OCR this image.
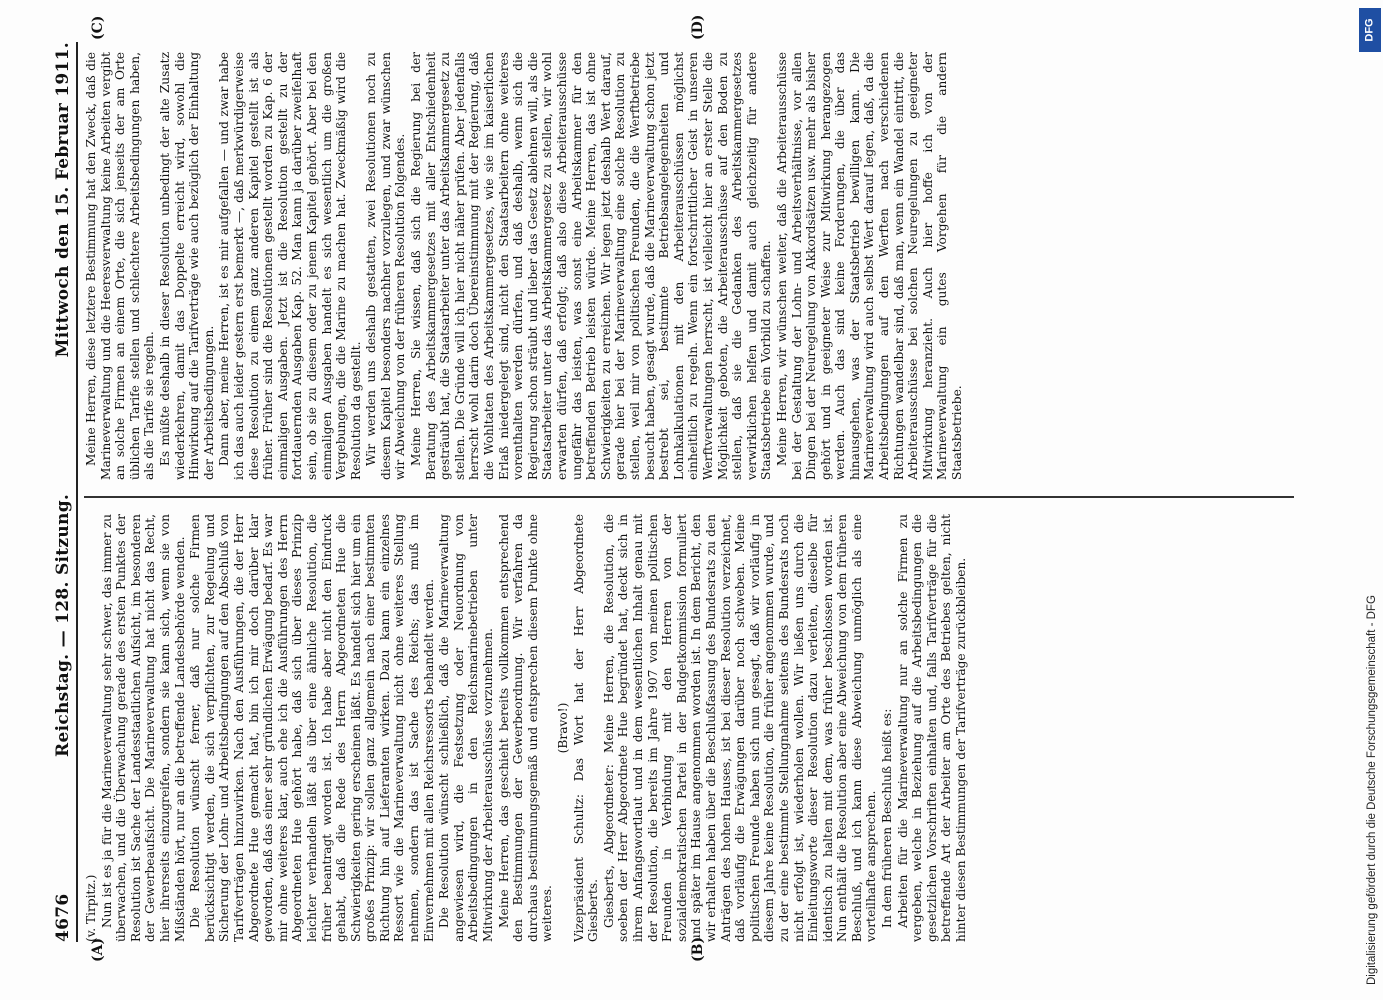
4676
Reichstag. — 128. Sitzung.
Mittwoch den 15. Februar 1911.
(A)	(B)
(C)	(D)

(v. Tirpitz.) Nun ist es ja für die Marineverwaltung sehr schwer, das immer zu überwachen, und die Überwachung gerade des ersten Punktes der Resolution ist Sache der Landesstaatlichen Aufsicht, im besonderen der Gewerbeaufsicht. Die Marineverwaltung hat nicht das Recht, hier ihrerseits einzugreifen, sondern sie kann sich, wenn sie von Mißständen hört, nur an die betreffende Landesbehörde wenden. Die Resolution wünscht ferner, daß nur solche Firmen berücksichtigt werden, die sich verpflichten, zur Regelung und Sicherung der Lohn- und Arbeitsbedingungen auf den Abschluß von Tarifverträgen hinzuwirken. Nach den Ausführungen, die der Herr Abgeordnete Hue gemacht hat, bin ich mir doch darüber klar geworden, daß das einer sehr gründlichen Erwägung bedarf. Es war mir ohne weiteres klar, auch ehe ich die Ausführungen des Herrn Abgeordneten Hue gehört habe, daß sich über dieses Prinzip leichter verhandeln läßt als über eine ähnliche Resolution, die früher beantragt worden ist. Ich habe aber nicht den Eindruck gehabt, daß die Rede des Herrn Abgeordneten Hue die Schwierigkeiten gering erscheinen läßt. Es handelt sich hier um ein großes Prinzip: wir sollen ganz allgemein nach einer bestimmten Richtung hin auf Lieferanten wirken. Dazu kann ein einzelnes Ressort wie die Marineverwaltung nicht ohne weiteres Stellung nehmen, sondern das ist Sache des Reichs; das muß im Einvernehmen mit allen Reichsressorts behandelt werden. Die Resolution wünscht schließlich, daß die Marineverwaltung angewiesen wird, die Festsetzung oder Neuordnung von Arbeitsbedingungen in den Reichsmarinebetrieben unter Mitwirkung der Arbeiterausschüsse vorzunehmen. Meine Herren, das geschieht bereits vollkommen entsprechend den Bestimmungen der Gewerbeordnung. Wir verfahren da durchaus bestimmungsgemäß und entsprechen diesem Punkte ohne weiteres.

(Bravo!) Vizepräsident Schultz: Das Wort hat der Herr Abgeordnete Giesberts. Giesberts, Abgeordneter: Meine Herren, die Resolution, die soeben der Herr Abgeordnete Hue begründet hat, deckt sich in ihrem Anfangswortlaut und in dem wesentlichen Inhalt genau mit der Resolution, die bereits im Jahre 1907 von meinen politischen Freunden in Verbindung mit den Herren von der sozialdemokratischen Partei in der Budgetkommission formuliert und später im Hause angenommen worden ist. In dem Bericht, den wir erhalten haben über die Beschlußfassung des Bundesrats zu den Anträgen des hohen Hauses, ist bei dieser Resolution verzeichnet, daß vorläufig die Erwägungen darüber noch schweben. Meine politischen Freunde haben sich nun gesagt, daß wir vorläufig in diesem Jahre keine Resolution, die früher angenommen wurde, und zu der eine bestimmte Stellungnahme seitens des Bundesrats noch nicht erfolgt ist, wiederholen wollen. Wir ließen uns durch die Einleitungsworte dieser Resolution dazu verleiten, dieselbe für identisch zu halten mit dem, was früher beschlossen worden ist. Nun enthält die Resolution aber eine Abweichung von dem früheren Beschluß, und ich kann diese Abweichung unmöglich als eine vorteilhafte ansprechen. In dem früheren Beschluß heißt es: Arbeiten für die Marineverwaltung nur an solche Firmen zu vergeben, welche in Beziehung auf die Arbeitsbedingungen die gesetzlichen Vorschriften einhalten und, falls Tarifverträge für die betreffende Art der Arbeiter am Orte des Betriebes gelten, nicht hinter diesen Bestimmungen der Tarifverträge zurückbleiben.

Meine Herren, diese letztere Bestimmung hat den Zweck, daß die Marineverwaltung und die Heeresverwaltung keine Arbeiten vergibt an solche Firmen an einem Orte, die sich jenseits der am Orte üblichen Tarife stellen und schlechtere Arbeitsbedingungen haben, als die Tarife sie regeln. Es müßte deshalb in dieser Resolution unbedingt der alte Zusatz wiederkehren, damit das Doppelte erreicht wird, sowohl die Hinwirkung auf die Tarifverträge wie auch bezüglich der Einhaltung der Arbeitsbedingungen. Dann aber, meine Herren, ist es mir aufgefallen — und zwar habe ich das auch leider gestern erst bemerkt —, daß merkwürdigerweise diese Resolution zu einem ganz anderen Kapitel gestellt ist als früher. Früher sind die Resolutionen gestellt worden zu Kap. 6 der einmaligen Ausgaben. Jetzt ist die Resolution gestellt zu der fortdauernden Ausgaben Kap. 52. Man kann ja darüber zweifelhaft sein, ob sie zu diesem oder zu jenem Kapitel gehört. Aber bei den einmaligen Ausgaben handelt es sich wesentlich um die großen Vergebungen, die die Marine zu machen hat. Zweckmäßig wird die Resolution da gestellt. Wir werden uns deshalb gestatten, zwei Resolutionen noch zu diesem Kapitel besonders nachher vorzulegen, und zwar wünschen wir Abweichung von der früheren Resolution folgendes. Meine Herren, Sie wissen, daß sich die Regierung bei der Beratung des Arbeitskammergesetzes mit aller Entschiedenheit gesträubt hat, die Staatsarbeiter unter das Arbeitskammergesetz zu stellen. Die Gründe will ich hier nicht näher prüfen. Aber jedenfalls herrscht wohl darin doch Übereinstimmung mit der Regierung, daß die Wohltaten des Arbeitskammergesetzes, wie sie im kaiserlichen Erlaß niedergelegt sind, nicht den Staatsarbeitern ohne weiteres vorenthalten werden dürfen, und daß deshalb, wenn sich die Regierung schon sträubt und lieber das Gesetz ablehnen will, als die Staatsarbeiter unter das Arbeitskammergesetz zu stellen, wir wohl erwarten dürfen, daß erfolgt; daß also diese Arbeiterausschüsse ungefähr das leisten, was sonst eine Arbeitskammer für den betreffenden Betrieb leisten würde. Meine Herren, das ist ohne Schwierigkeiten zu erreichen. Wir legen jetzt deshalb Wert darauf, gerade hier bei der Marineverwaltung eine solche Resolution zu stellen, weil mir von politischen Freunden, die die Werftbetriebe besucht haben, gesagt wurde, daß die Marineverwaltung schon jetzt bestrebt sei, bestimmte Betriebsangelegenheiten und Lohnkalkulationen mit den Arbeiterausschüssen möglichst einheitlich zu regeln. Wenn ein fortschrittlicher Geist in unseren Werftverwaltungen herrscht, ist vielleicht hier an erster Stelle die Möglichkeit geboten, die Arbeiterausschüsse auf den Boden zu stellen, daß sie die Gedanken des Arbeitskammergesetzes verwirklichen helfen und damit auch gleichzeitig für andere Staatsbetriebe ein Vorbild zu schaffen. Meine Herren, wir wünschen weiter, daß die Arbeiterausschüsse bei der Gestaltung der Lohn- und Arbeitsverhältnisse, vor allen Dingen bei der Neuregelung von Akkordsätzen usw. mehr als bisher gehört und in geeigneter Weise zur Mitwirkung herangezogen werden. Auch das sind keine Forderungen, die über das hinausgehen, was der Staatsbetrieb bewilligen kann. Die Marineverwaltung wird auch selbst Wert darauf legen, daß, da die Arbeitsbedingungen auf den Werften nach verschiedenen Richtungen wandelbar sind, daß man, wenn ein Wandel eintritt, die Arbeiterausschüsse bei solchen Neuregelungen zu geeigneter Mitwirkung heranzieht. Auch hier hoffe ich von der Marineverwaltung ein gutes Vorgehen für die andern Staatsbetriebe.

DFG
Digitalisierung gefördert durch die Deutsche Forschungsgemeinschaft - DFG
